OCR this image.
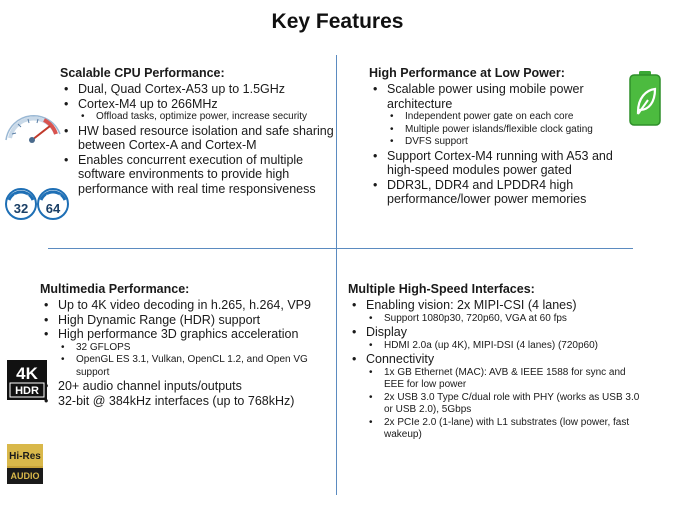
Key Features
Scalable CPU Performance:
• Dual, Quad Cortex-A53 up to 1.5GHz
• Cortex-M4 up to 266MHz
• Offload tasks, optimize power, increase security
• HW based resource isolation and safe sharing between Cortex-A and Cortex-M
• Enables concurrent execution of multiple software environments to provide high performance with real time responsiveness
High Performance at Low Power:
• Scalable power using mobile power architecture
• Independent power gate on each core
• Multiple power islands/flexible clock gating
• DVFS support
• Support Cortex-M4 running with A53 and high-speed modules power gated
• DDR3L, DDR4 and LPDDR4 high performance/lower power memories
Multimedia Performance:
• Up to 4K video decoding in h.265, h.264, VP9
• High Dynamic Range (HDR) support
• High performance 3D graphics acceleration
• 32 GFLOPS
• OpenGL ES 3.1, Vulkan, OpenCL 1.2, and Open VG support
• 20+ audio channel inputs/outputs
• 32-bit @ 384kHz interfaces (up to 768kHz)
Multiple High-Speed Interfaces:
• Enabling vision: 2x MIPI-CSI (4 lanes)
• Support 1080p30, 720p60, VGA at 60 fps
• Display
• HDMI 2.0a (up 4K), MIPI-DSI (4 lanes) (720p60)
• Connectivity
• 1x GB Ethernet (MAC): AVB & IEEE 1588 for sync and EEE for low power
• 2x USB 3.0 Type C/dual role with PHY (works as USB 3.0 or USB 2.0), 5Gbps
• 2x PCIe 2.0 (1-lane) with L1 substrates (low power, fast wakeup)
AARCH
32
AARCH
64
4K
HDR
Hi-Res
AUDIO
